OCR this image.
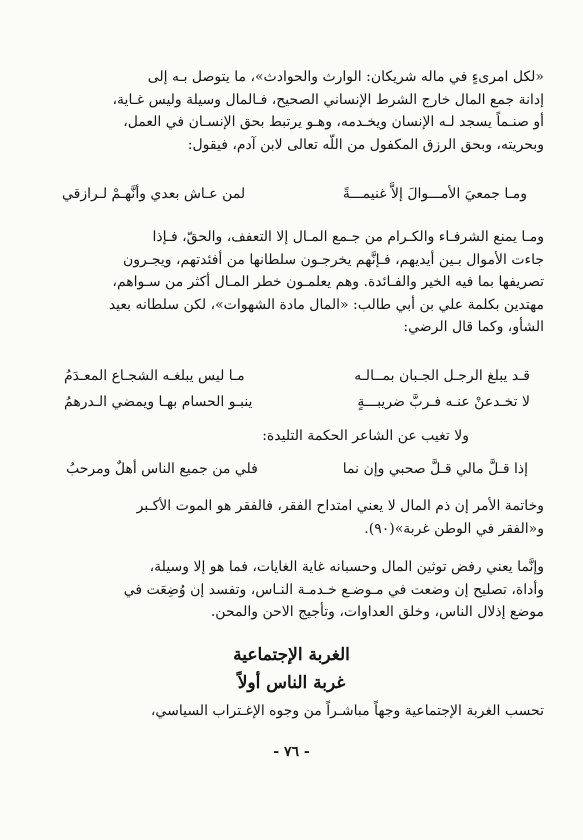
«لكل امرىءٍ في ماله شريكان: الوارث والحوادث»، ما يتوصل بـه إلى
إدانة جمع المال خارج الشرط الإنساني الصحيح، فـالمال وسيلة وليس غـاية،
أو صنـماً يسجد لـه الإنسان ويخـدمه، وهـو يرتبط بحق الإنسـان في العمل،
وبحريته، وبحق الرزق المكفول من اللّه تعالى لابن آدم، فيقول:
ومـا جمعيَ الأمـــوالَ إلاَّ غنيمـــةً
لمن عـاش بعدي وأنَّهـمْ لـرازقي
ومـا يمنع الشرفـاء والكـرام من جـمع المـال إلا التعفف، والحقّ، فـإذا
جاءت الأموال بـين أيديهم، فـإنَّهم يخرجـون سلطانها من أفئدتهم، ويجـرون
تصريفها بما فيه الخير والفـائدة. وهم يعلمـون خطر المـال أكثر من سـواهم،
مهتدين بكلمة علي بن أبي طالب: «المال مادة الشهوات»، لكن سلطانه بعيد
الشأو، وكما قال الرضي:
قـد يبلغ الرجـل الجـبان بمــالـه
مـا ليس يبلغـه الشجـاع المعـدَمُ
لا تخـدعنْ عنـه فـربَّ ضريبـــةٍ
ينبـو الحسام بهـا ويمضي الـدرهمُ
ولا تغيب عن الشاعر الحكمة التليدة:
إذا قـلَّ مالي قـلَّ صحبي وإن نما
فلي من جميع الناس أهلٌ ومرحبُ
وخاتمة الأمر إن ذم المال لا يعني امتداح الفقر، فالفقر هو الموت الأكـبر
و«الفقر في الوطن غربة»(٩٠).
وإنَّما يعني رفض توثين المال وحسبانه غاية الغايات، فما هو إلا وسيلة،
وأداة، تصليح إن وضعت في مـوضـع خـدمـة النـاس، وتفسد إن وُضِعَت في
موضع إذلال الناس، وخلق العداوات، وتأجيج الاحن والمحن.
الغربة الإجتماعية
غربة الناس أولاً
تحسب الغربة الإجتماعية وجهاً مباشـراً من وجوه الإغـتراب السياسي،
- ٧٦ -
